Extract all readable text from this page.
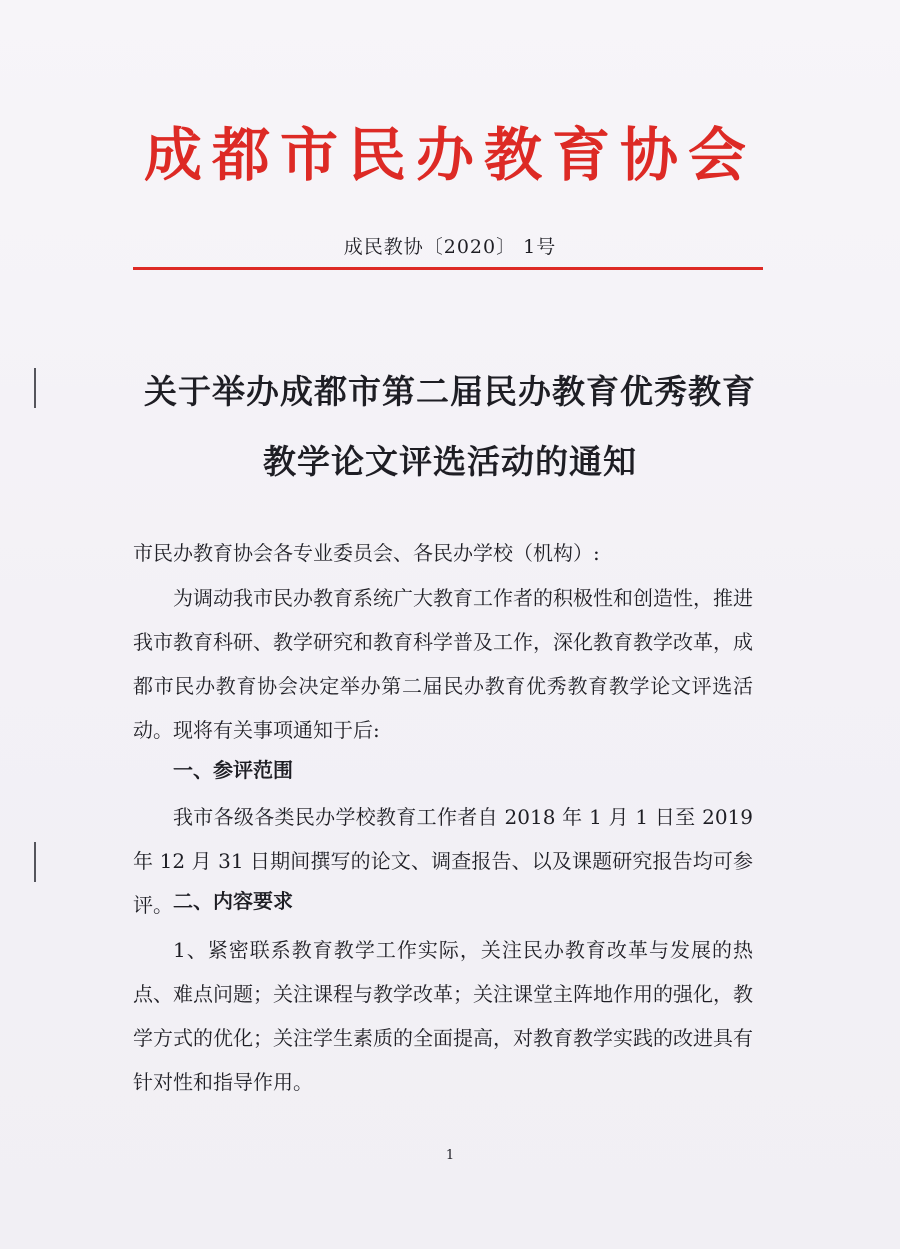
成都市民办教育协会
成民教协〔2020〕 1号
关于举办成都市第二届民办教育优秀教育
教学论文评选活动的通知
市民办教育协会各专业委员会、各民办学校（机构）:
为调动我市民办教育系统广大教育工作者的积极性和创造性，推进我市教育科研、教学研究和教育科学普及工作，深化教育教学改革，成都市民办教育协会决定举办第二届民办教育优秀教育教学论文评选活动。现将有关事项通知于后:
一、参评范围
我市各级各类民办学校教育工作者自 2018 年 1 月 1 日至 2019 年 12 月 31 日期间撰写的论文、调查报告、以及课题研究报告均可参评。 二、内容要求
1、紧密联系教育教学工作实际，关注民办教育改革与发展的热点、难点问题；关注课程与教学改革；关注课堂主阵地作用的强化，教学方式的优化；关注学生素质的全面提高，对教育教学实践的改进具有针对性和指导作用。
1
